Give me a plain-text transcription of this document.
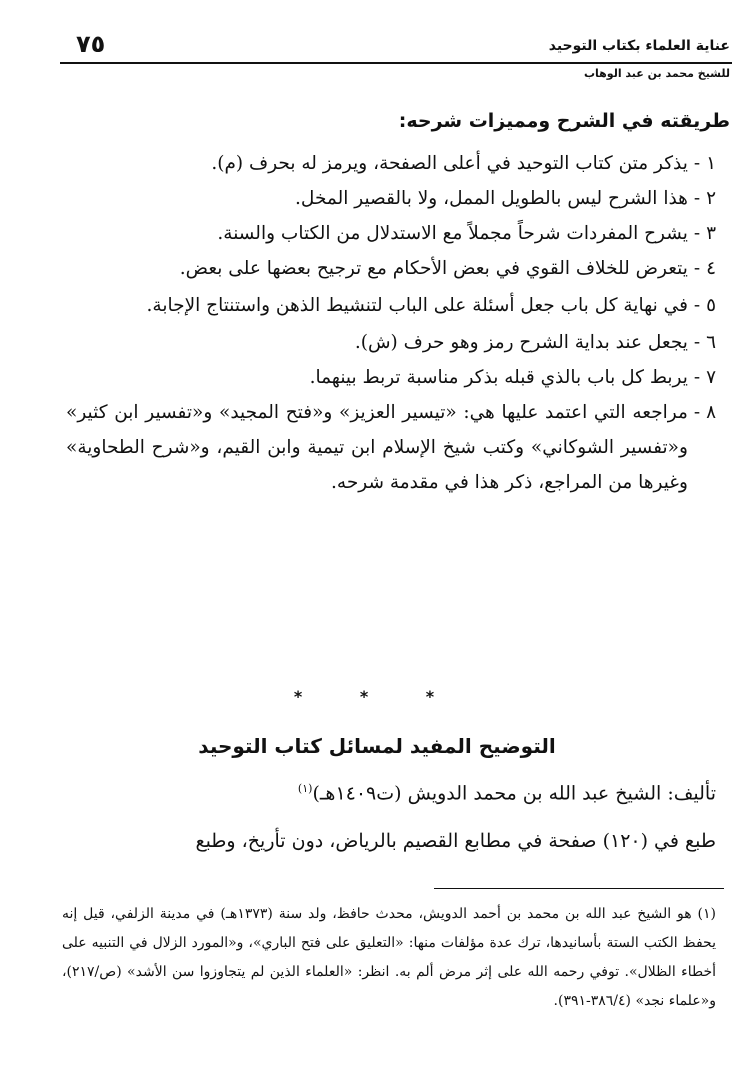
عناية العلماء بكتاب التوحيد
٧٥
للشيخ محمد بن عبد الوهاب
طريقته في الشرح ومميزات شرحه:
١ -
يذكر متن كتاب التوحيد في أعلى الصفحة، ويرمز له بحرف (م).
٢ -
هذا الشرح ليس بالطويل الممل، ولا بالقصير المخل.
٣ -
يشرح المفردات شرحاً مجملاً مع الاستدلال من الكتاب والسنة.
٤ -
يتعرض للخلاف القوي في بعض الأحكام مع ترجيح بعضها على بعض.
٥ -
في نهاية كل باب جعل أسئلة على الباب لتنشيط الذهن واستنتاج الإجابة.
٦ -
يجعل عند بداية الشرح رمز وهو حرف (ش).
٧ -
يربط كل باب بالذي قبله بذكر مناسبة تربط بينهما.
٨ -
مراجعه التي اعتمد عليها هي: «تيسير العزيز» و«فتح المجيد» و«تفسير ابن كثير» و«تفسير الشوكاني» وكتب شيخ الإسلام ابن تيمية وابن القيم، و«شرح الطحاوية» وغيرها من المراجع، ذكر هذا في مقدمة شرحه.
* * *
التوضيح المفيد لمسائل كتاب التوحيد
تأليف: الشيخ عبد الله بن محمد الدويش (ت١٤٠٩هـ)$^{(١)}$
طبع في (١٢٠) صفحة في مطابع القصيم بالرياض، دون تأريخ، وطبع

(١) هو الشيخ عبد الله بن محمد بن أحمد الدويش، محدث حافظ، ولد سنة (١٣٧٣هـ) في مدينة الزلفي، قيل إنه يحفظ الكتب الستة بأسانيدها، ترك عدة مؤلفات منها: «التعليق على فتح الباري»، و«المورد الزلال في التنبيه على أخطاء الظلال». توفي رحمه الله على إثر مرض ألم به. انظر: «العلماء الذين لم يتجاوزوا سن الأشد» (ص/٢١٧)، و«علماء نجد» (٣٨٦/٤-٣٩١).
